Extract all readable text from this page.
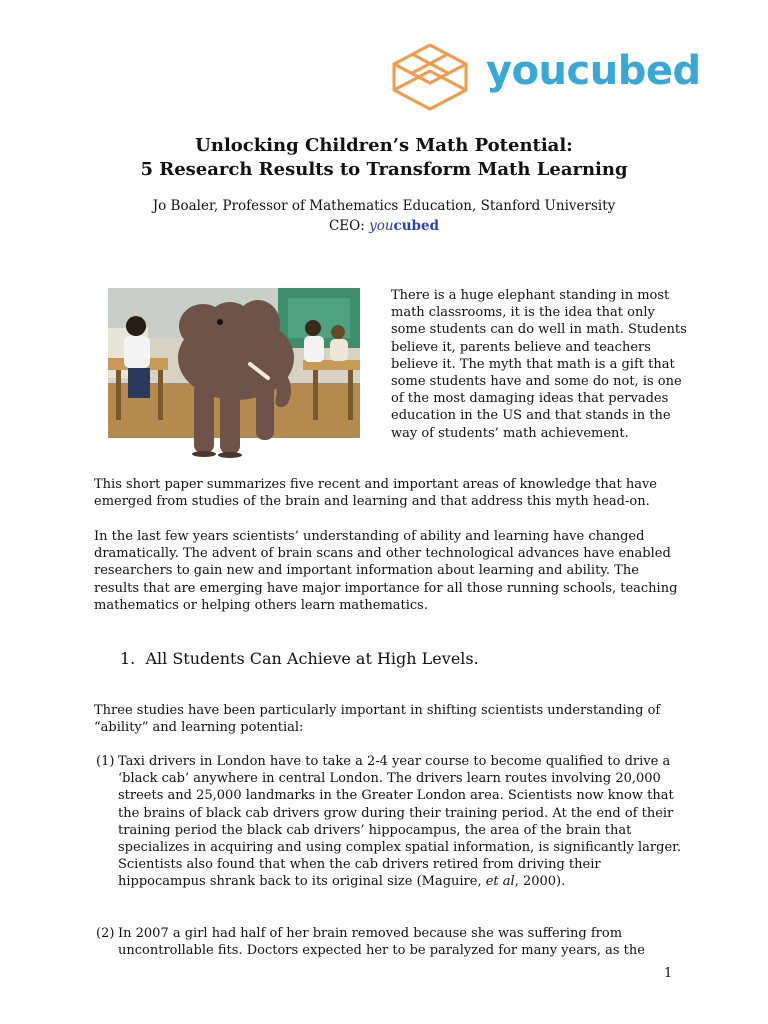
youcubed
Unlocking Children’s Math Potential:
5 Research Results to Transform Math Learning
Jo Boaler, Professor of Mathematics Education, Stanford University
CEO: youcubed

There is a huge elephant standing in most math classrooms, it is the idea that only some students can do well in math. Students believe it, parents believe and teachers believe it. The myth that math is a gift that some students have and some do not, is one of the most damaging ideas that pervades education in the US and that stands in the way of students’ math achievement.

This short paper summarizes five recent and important areas of knowledge that have emerged from studies of the brain and learning and that address this myth head-on.

In the last few years scientists’ understanding of ability and learning have changed dramatically. The advent of brain scans and other technological advances have enabled researchers to gain new and important information about learning and ability. The results that are emerging have major importance for all those running schools, teaching mathematics or helping others learn mathematics.

1. All Students Can Achieve at High Levels.

Three studies have been particularly important in shifting scientists understanding of “ability” and learning potential:

(1) Taxi drivers in London have to take a 2-4 year course to become qualified to drive a ‘black cab’ anywhere in central London. The drivers learn routes involving 20,000 streets and 25,000 landmarks in the Greater London area. Scientists now know that the brains of black cab drivers grow during their training period. At the end of their training period the black cab drivers’ hippocampus, the area of the brain that specializes in acquiring and using complex spatial information, is significantly larger. Scientists also found that when the cab drivers retired from driving their hippocampus shrank back to its original size (Maguire, et al, 2000).
(2) In 2007 a girl had half of her brain removed because she was suffering from uncontrollable fits. Doctors expected her to be paralyzed for many years, as the
1
